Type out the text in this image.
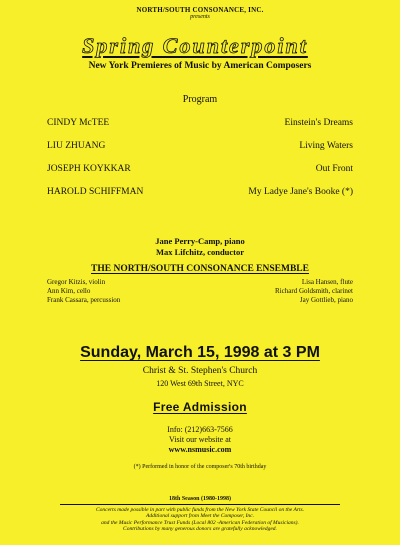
NORTH/SOUTH CONSONANCE, INC.
presents
Spring Counterpoint
New York Premieres of Music by American Composers
Program
CINDY McTEE	Einstein's Dreams
LIU ZHUANG	Living Waters
JOSEPH KOYKKAR	Out Front
HAROLD SCHIFFMAN	My Ladye Jane's Booke (*)
Jane Perry-Camp, piano
Max Lifchitz, conductor
THE NORTH/SOUTH CONSONANCE ENSEMBLE
Gregor Kitzis, violin
Ann Kim, cello
Frank Cassara, percussion
Lisa Hansen, flute
Richard Goldsmith, clarinet
Jay Gottlieb, piano
Sunday, March 15, 1998 at 3 PM
Christ & St. Stephen's Church
120 West 69th Street, NYC
Free Admission
Info: (212)663-7566
Visit our website at
www.nsmusic.com
(*) Performed in honor of the composer's 70th birthday
18th Season (1980-1998)
Concerts made possible in part with public funds from the New York State Council on the Arts.
Additional support from Meet the Composer, Inc.
and the Music Performance Trust Funds (Local 802 -American Federation of Musicians).
Contributions by many generous donors are gratefully acknowledged.
